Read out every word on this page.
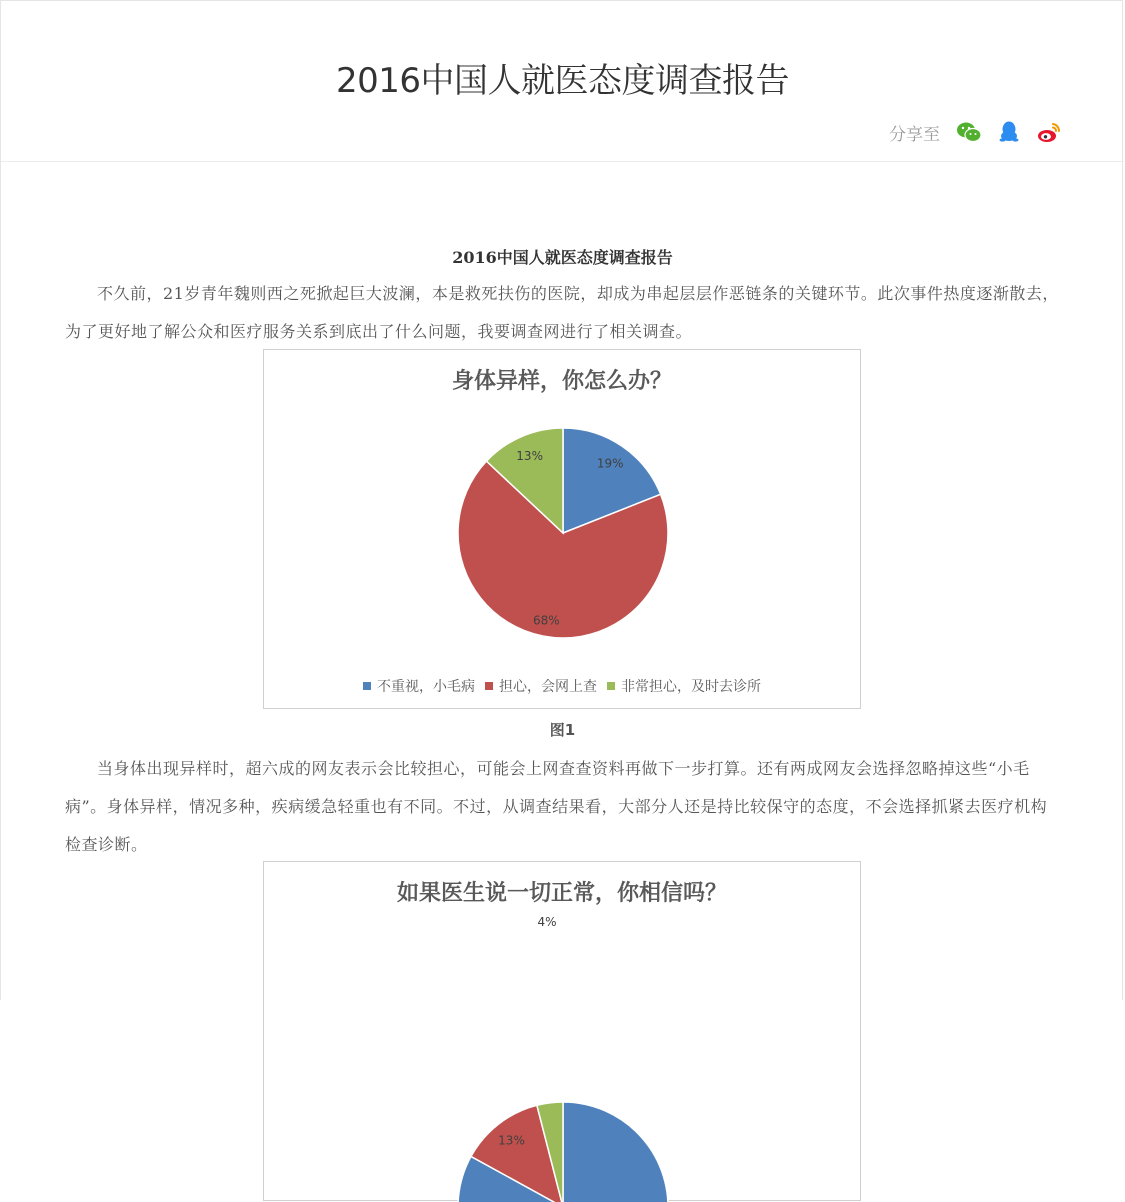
2016中国人就医态度调查报告
分享至
2016中国人就医态度调查报告

不久前，21岁青年魏则西之死掀起巨大波澜，本是救死扶伤的医院，却成为串起层层作恶链条的关键环节。此次事件热度逐渐散去，为了更好地了解公众和医疗服务关系到底出了什么问题，我要调查网进行了相关调查。

身体异样，你怎么办？
19%
68%
13%
不重视，小毛病 担心，会网上查 非常担心，及时去诊所
图1

当身体出现异样时，超六成的网友表示会比较担心，可能会上网查查资料再做下一步打算。还有两成网友会选择忽略掉这些“小毛病”。身体异样，情况多种，疾病缓急轻重也有不同。不过，从调查结果看，大部分人还是持比较保守的态度，不会选择抓紧去医疗机构检查诊断。

如果医生说一切正常，你相信吗？
4%
13%
